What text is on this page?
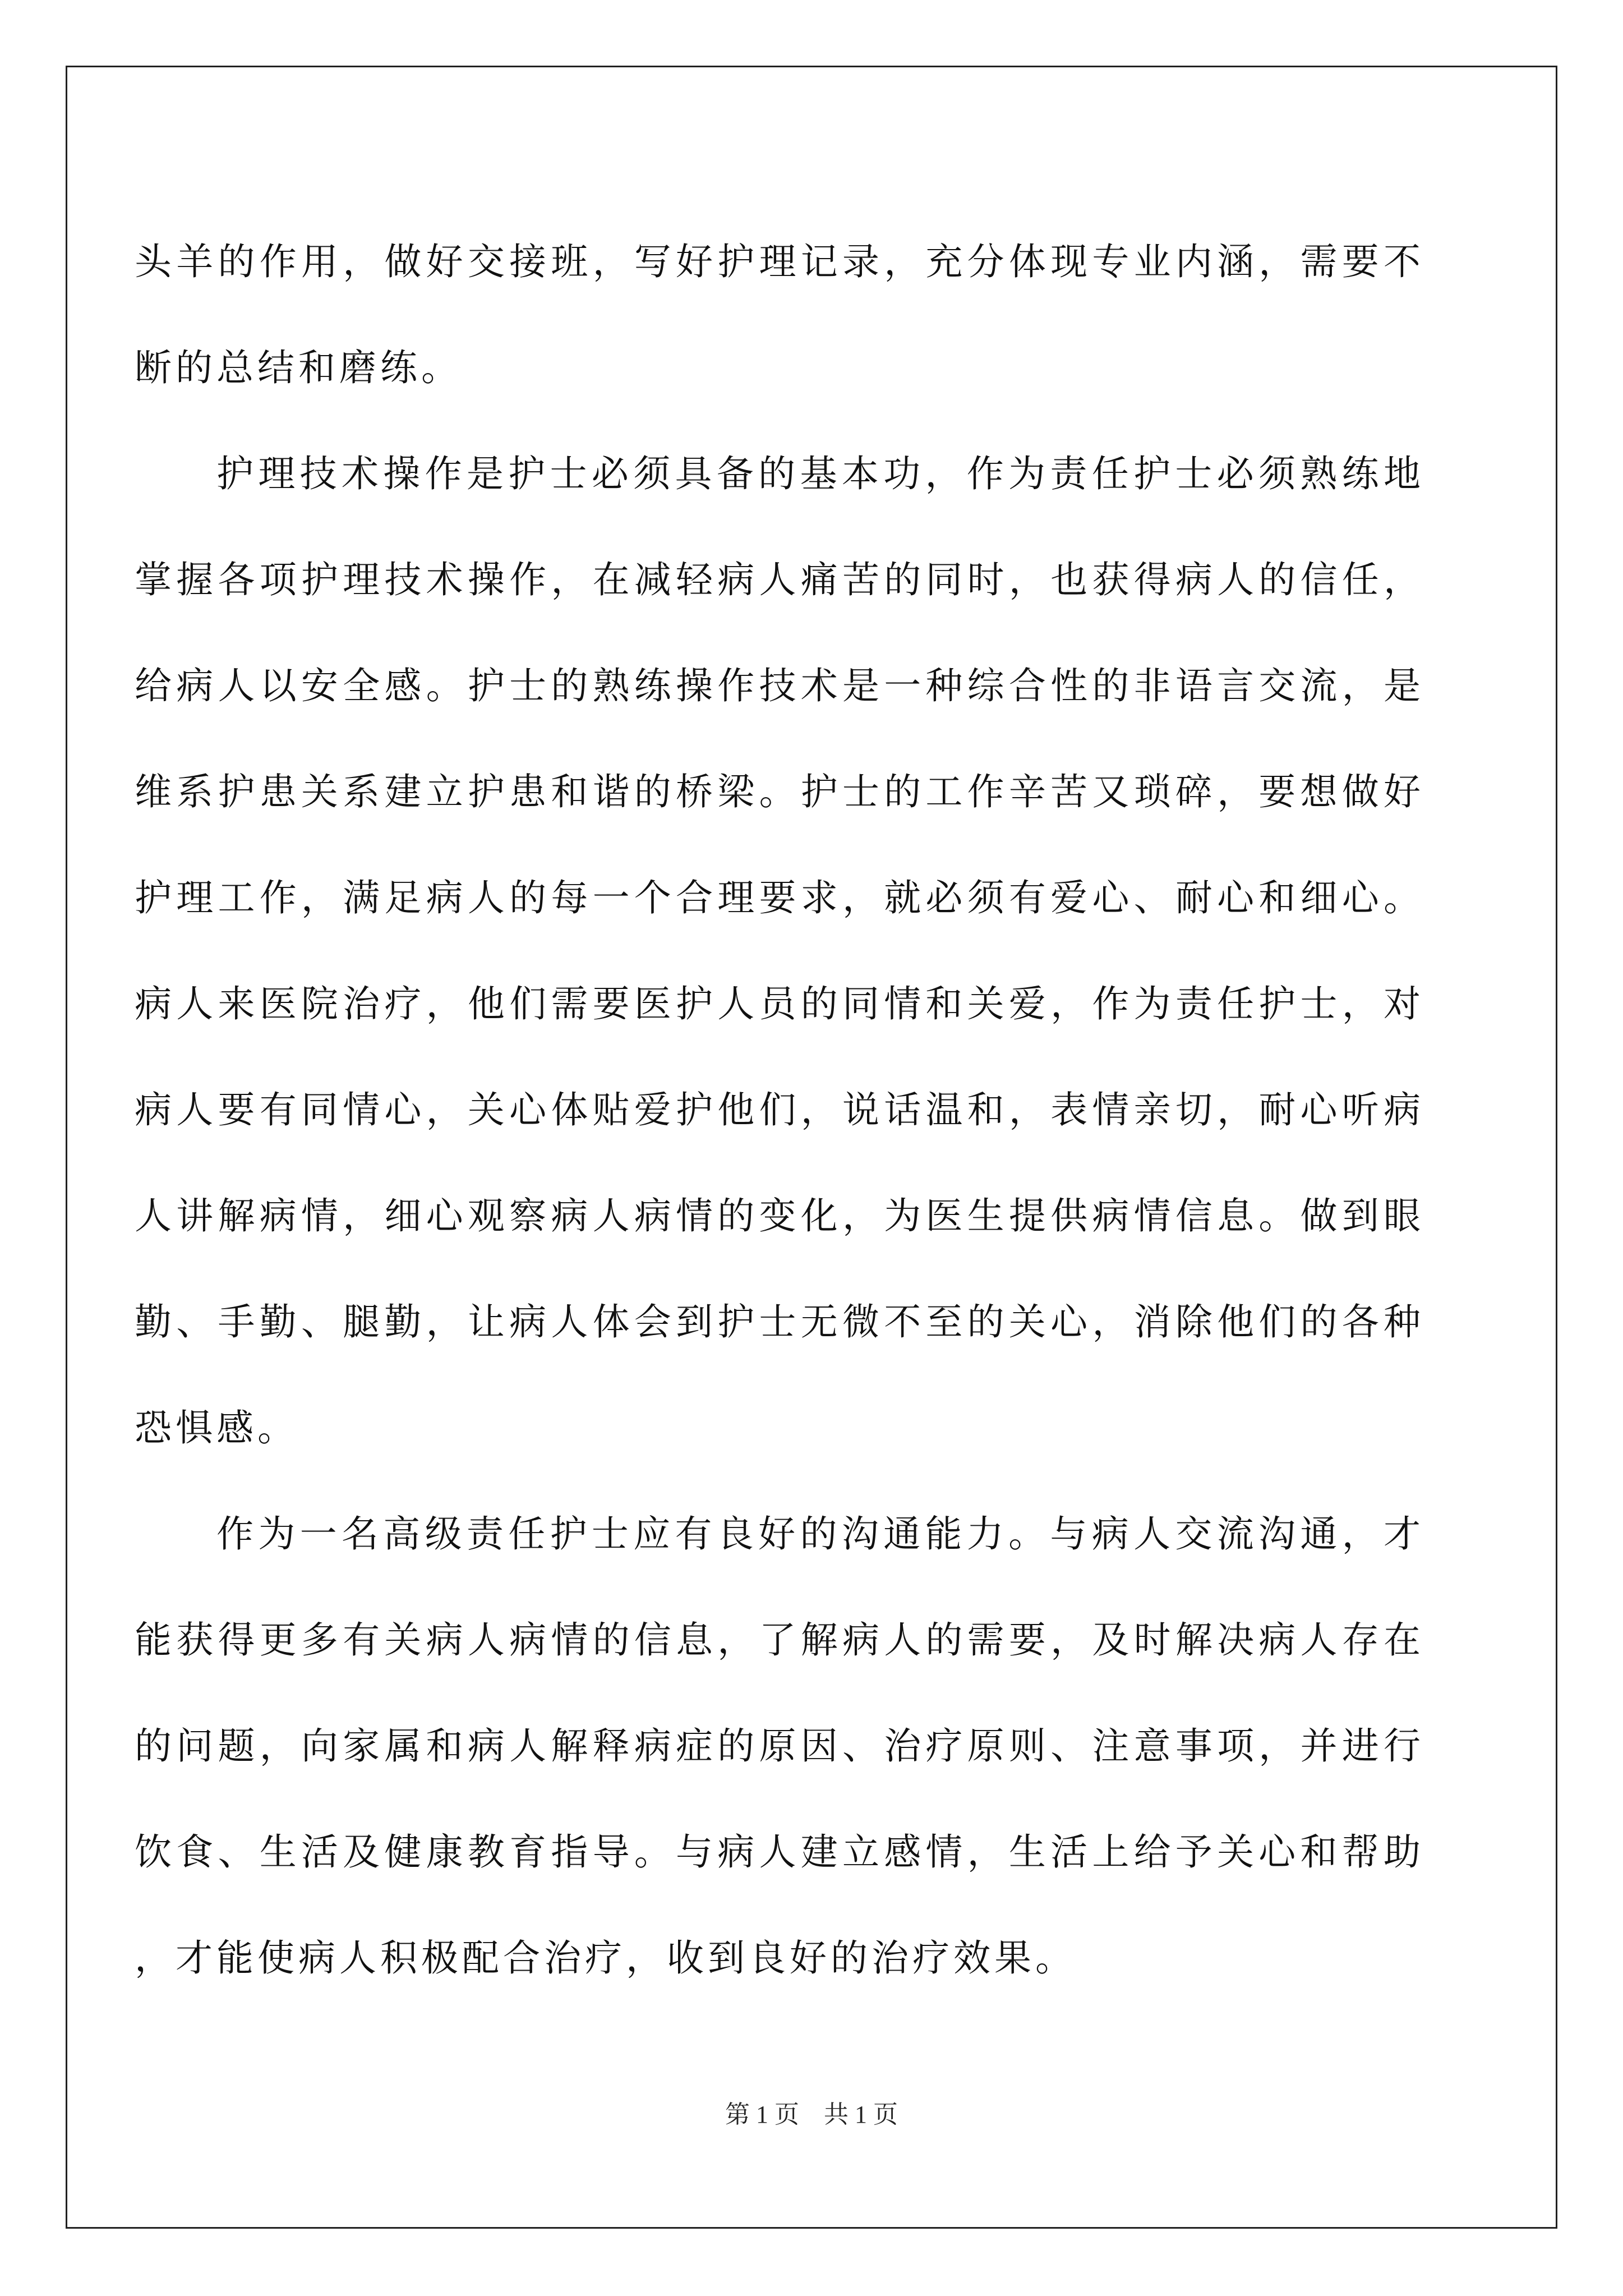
头羊的作用，做好交接班，写好护理记录，充分体现专业内涵，需要不断的总结和磨练。

护理技术操作是护士必须具备的基本功，作为责任护士必须熟练地掌握各项护理技术操作，在减轻病人痛苦的同时，也获得病人的信任，给病人以安全感。护士的熟练操作技术是一种综合性的非语言交流，是维系护患关系建立护患和谐的桥梁。护士的工作辛苦又琐碎，要想做好护理工作，满足病人的每一个合理要求，就必须有爱心、耐心和细心。病人来医院治疗，他们需要医护人员的同情和关爱，作为责任护士，对病人要有同情心，关心体贴爱护他们，说话温和，表情亲切，耐心听病人讲解病情，细心观察病人病情的变化，为医生提供病情信息。做到眼勤、手勤、腿勤，让病人体会到护士无微不至的关心，消除他们的各种恐惧感。

作为一名高级责任护士应有良好的沟通能力。与病人交流沟通，才能获得更多有关病人病情的信息，了解病人的需要，及时解决病人存在的问题，向家属和病人解释病症的原因、治疗原则、注意事项，并进行饮食、生活及健康教育指导。与病人建立感情，生活上给予关心和帮助，才能使病人积极配合治疗，收到良好的治疗效果。

第 1 页    共 1 页
